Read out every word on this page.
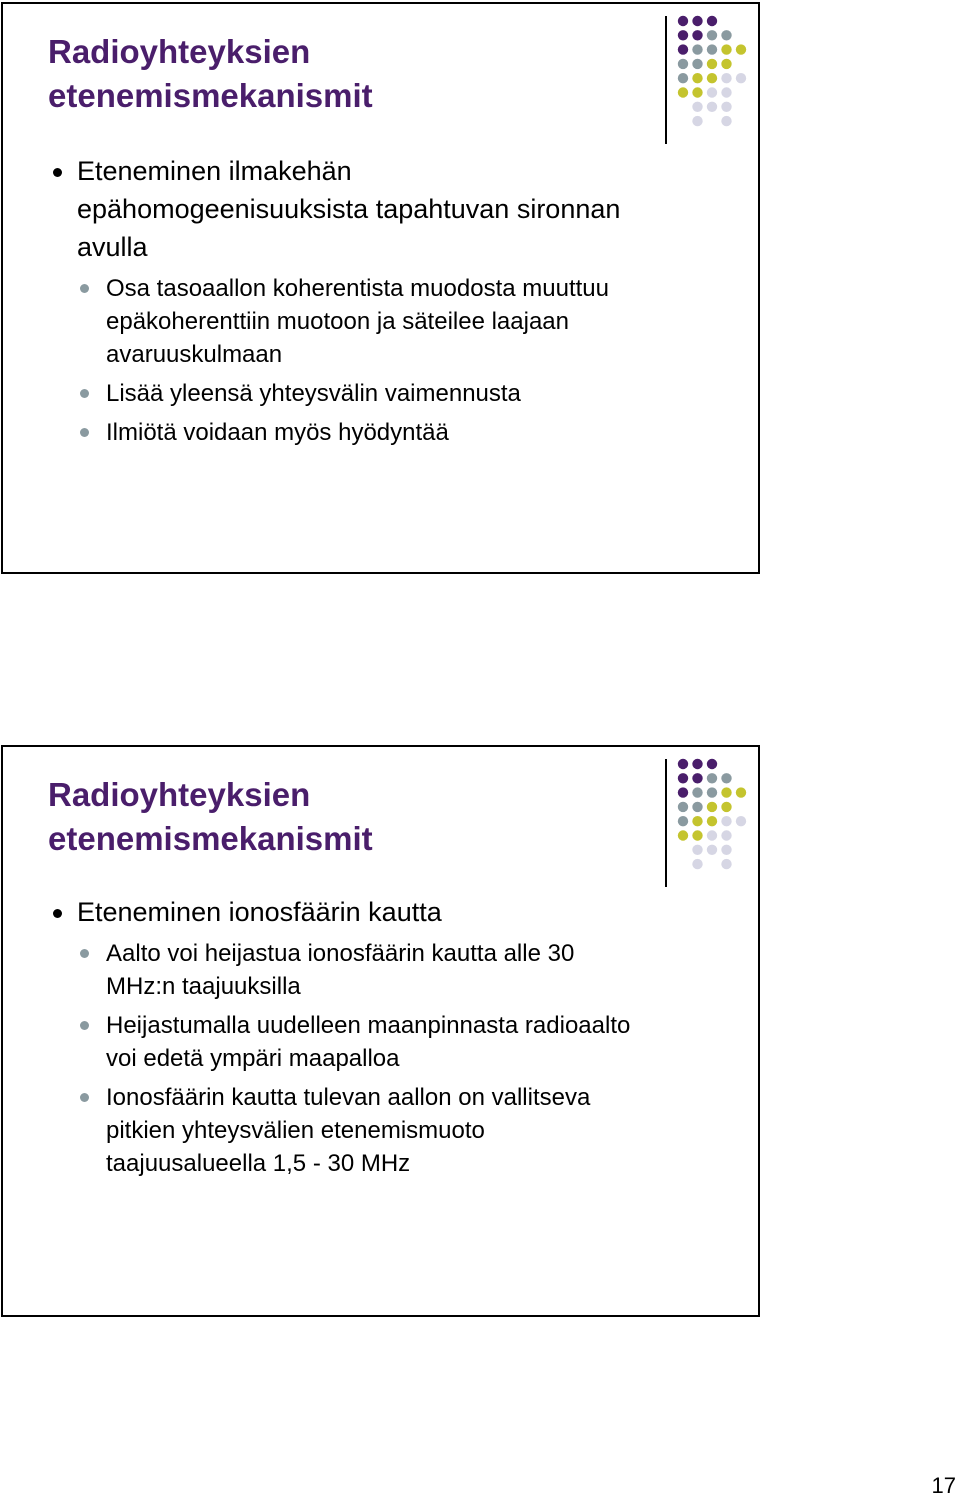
Radioyhteyksien
etenemismekanismit
Eteneminen ilmakehän
epähomogeenisuuksista tapahtuvan sironnan
avulla
Osa tasoaallon koherentista muodosta muuttuu
epäkoherenttiin muotoon ja säteilee laajaan
avaruuskulmaan
Lisää yleensä yhteysvälin vaimennusta
Ilmiötä voidaan myös hyödyntää
Radioyhteyksien
etenemismekanismit
Eteneminen ionosfäärin kautta
Aalto voi heijastua ionosfäärin kautta alle 30
MHz:n taajuuksilla
Heijastumalla uudelleen maanpinnasta radioaalto
voi edetä ympäri maapalloa
Ionosfäärin kautta tulevan aallon on vallitseva
pitkien yhteysvälien etenemismuoto
taajuusalueella 1,5 - 30 MHz
17
